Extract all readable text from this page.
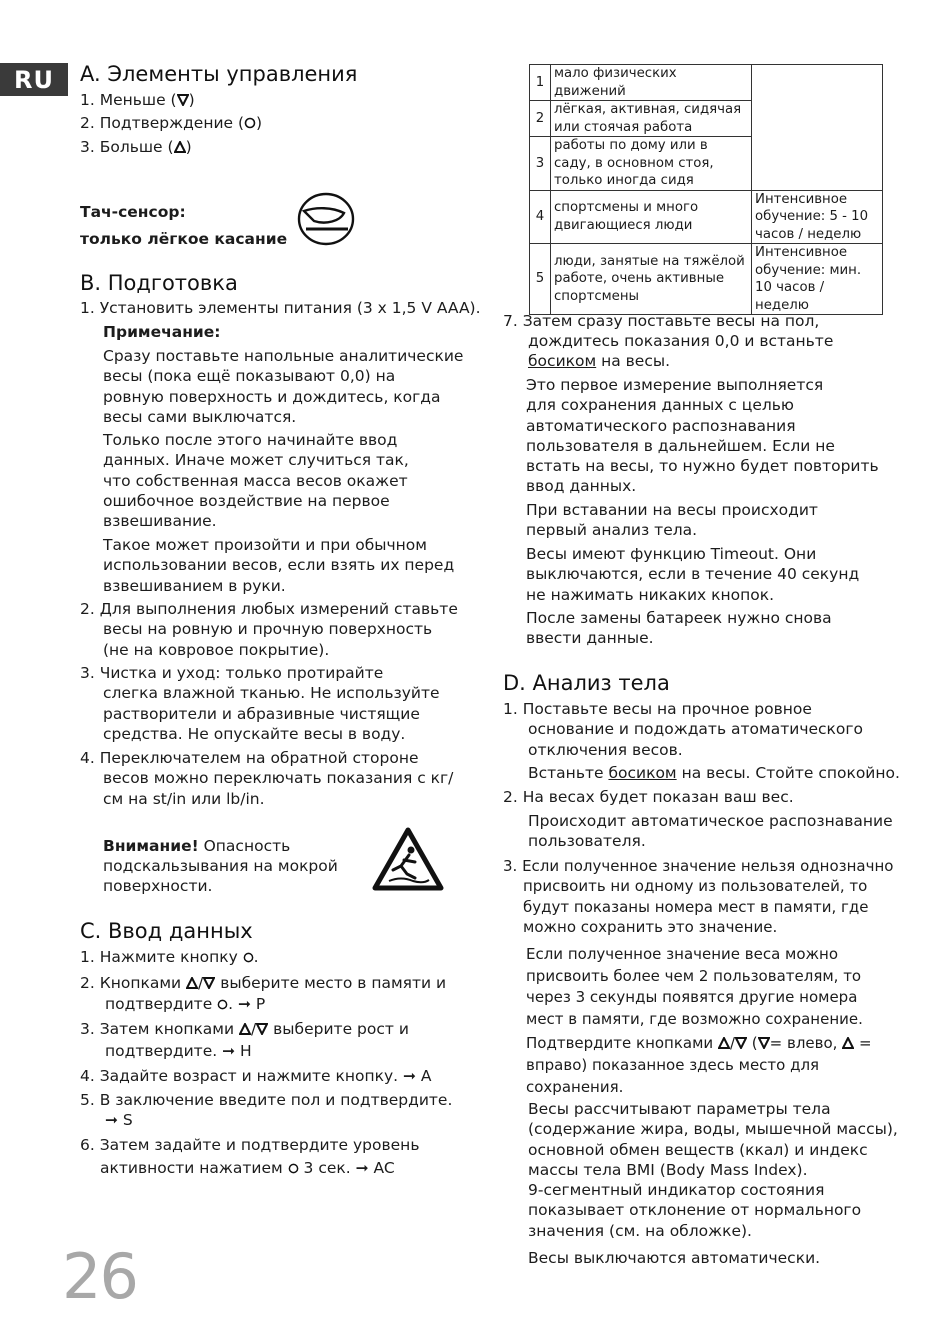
RU	A. Элементы управления
1. Меньше ( )
2. Подтверждение ( )
3. Больше ( )
Тач-сенсор:
только лёгкое касание
B. Подготовка
1. Установить элементы питания (3 x 1,5 V AAA).
Примечание:
Сразу поставьте напольные аналитические
весы (пока ещё показывают 0,0) на
ровную поверхность и дождитесь, когда
весы сами выключатся.
Только после этого начинайте ввод
данных. Иначе может случиться так,
что собственная масса весов окажет
ошибочное воздействие на первое
взвешивание.
Такое может произойти и при обычном
использовании весов, если взять их перед
взвешиванием в руки.
2. Для выполнения любых измерений ставьте
весы на ровную и прочную поверхность
(не на ковровое покрытие).
3. Чистка и уход: только протирайте
слегка влажной тканью. Не используйте
растворители и абразивные чистящие
средства. Не опускайте весы в воду.
4. Переключателем на обратной стороне
весов можно переключать показания с кг/
cм на st/in или lb/in.
Внимание! Опасность
подскальзывания на мокрой
поверхности.
C. Ввод данных
1. Нажмите кнопку .
2. Кнопками / выберите место в памяти и
подтвердите . ➞ P
3. Затем кнопками / выберите рост и
подтвердите. ➞ H
4. Задайте возраст и нажмите кнопку. ➞ A
5. В заключение введите пол и подтвердите.
➞ S
6. Затем задайте и подтвердите уровень
активности нажатием  3 сек. ➞ AC
26
1	мало физических движений	
2	лёгкая, активная, сидячая или стоячая работа	
3	работы по дому или в саду, в основном стоя, только иногда сидя	
4	спортсмены и много двигающиеся люди	Интенсивное обучение: 5 - 10 часов / неделю
5	люди, занятые на тяжёлой работе, очень активные спортсмены	Интенсивное обучение: мин. 10 часов / неделю
7. Затем сразу поставьте весы на пол,
дождитесь показания 0,0 и встаньте
босиком на весы.
Это первое измерение выполняется
для сохранения данных с целью
автоматического распознавания
пользователя в дальнейшем. Если не
встать на весы, то нужно будет повторить
ввод данных.
При вставании на весы происходит
первый анализ тела.
Весы имеют функцию Timeout. Они
выключаются, если в течение 40 секунд
не нажимать никаких кнопок.
После замены батареек нужно снова
ввести данные.
D. Анализ тела
1. Поставьте весы на прочное ровное
основание и подождать атоматического
отключения весов.
Встаньте босиком на весы. Стойте спокойно.
2. На весах будет показан ваш вес.
Происходит автоматическое распознавание
пользователя.
3. Если полученное значение нельзя однозначно
присвоить ни одному из пользователей, то
будут показаны номера мест в памяти, где
можно сохранить это значение.
Если полученное значение веса можно
присвоить более чем 2 пользователям, то
через 3 секунды появятся другие номера
мест в памяти, где возможно сохранение.
Подтвердите кнопками / ( = влево,  =
вправо) показанное здесь место для
сохранения.
Весы рассчитывают параметры тела
(содержание жира, воды, мышечной массы),
основной обмен веществ (ккал) и индекс
массы тела BMI (Body Mass Index).
9-сегментный индикатор состояния
показывает отклонение от нормального
значения (см. на обложке).
Весы выключаются автоматически.
